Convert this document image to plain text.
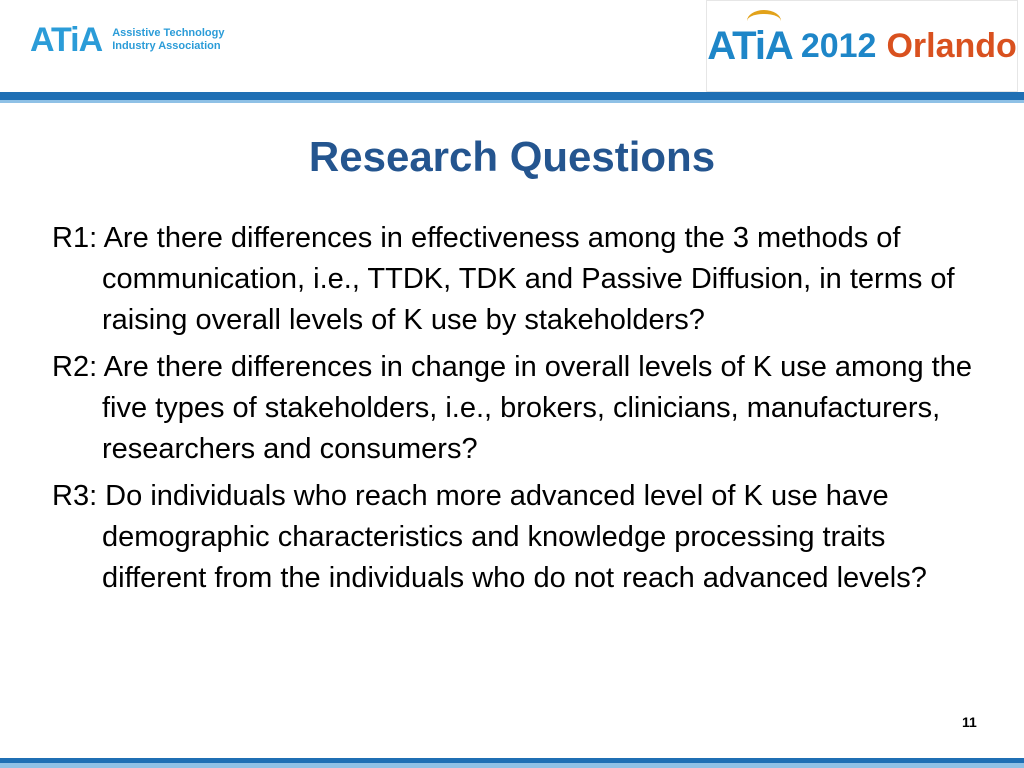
ATiA Assistive Technology
Industry Association	ATiA 2012 Orlando
Research Questions

R1: Are there differences in effectiveness among the 3 methods of communication, i.e., TTDK, TDK and Passive Diffusion, in terms of raising overall levels of K use by stakeholders?

R2: Are there differences in change in overall levels of K use among the five types of stakeholders, i.e., brokers, clinicians, manufacturers, researchers and consumers?

R3: Do individuals who reach more advanced level of K use have demographic characteristics and knowledge processing traits different from the individuals who do not reach advanced levels?

11
